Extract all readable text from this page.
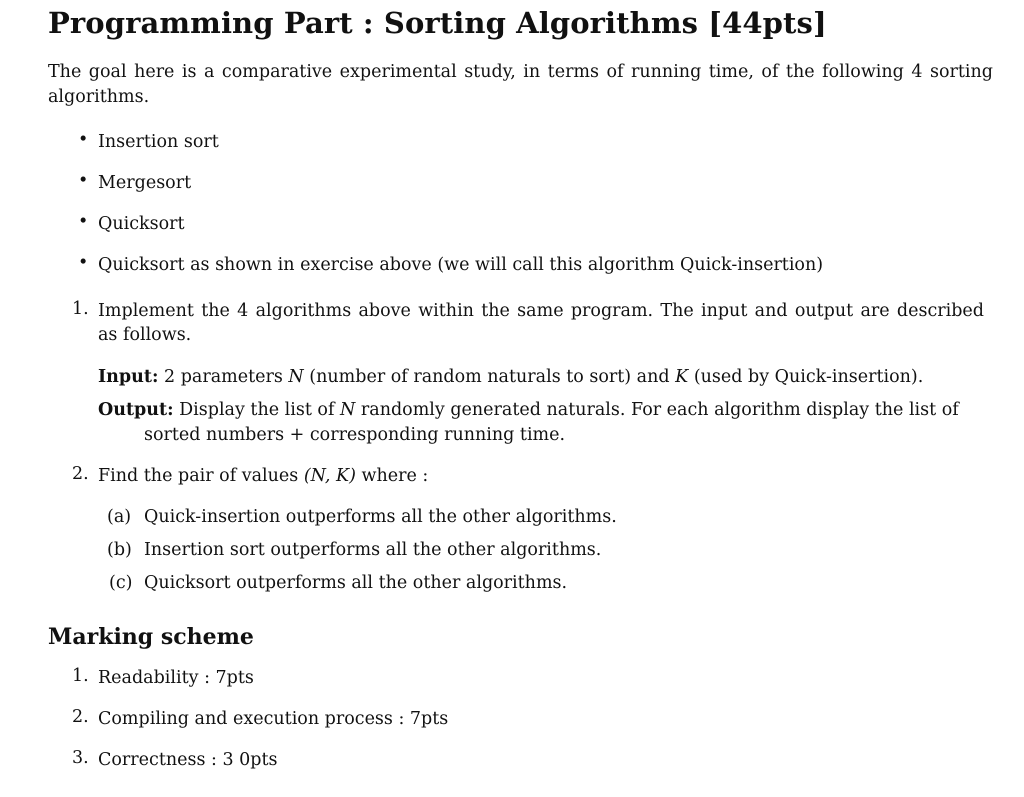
Programming Part : Sorting Algorithms [44pts]
The goal here is a comparative experimental study, in terms of running time, of the following 4 sorting algorithms.
• Insertion sort
• Mergesort
• Quicksort
• Quicksort as shown in exercise above (we will call this algorithm Quick-insertion)
1. Implement the 4 algorithms above within the same program. The input and output are described as follows.
Input: 2 parameters N (number of random naturals to sort) and K (used by Quick-insertion).
Output: Display the list of N randomly generated naturals. For each algorithm display the list of
sorted numbers + corresponding running time.
2. Find the pair of values (N, K) where :
(a) Quick-insertion outperforms all the other algorithms.
(b) Insertion sort outperforms all the other algorithms.
(c) Quicksort outperforms all the other algorithms.
Marking scheme
1. Readability : 7pts
2. Compiling and execution process : 7pts
3. Correctness : 3 0pts
